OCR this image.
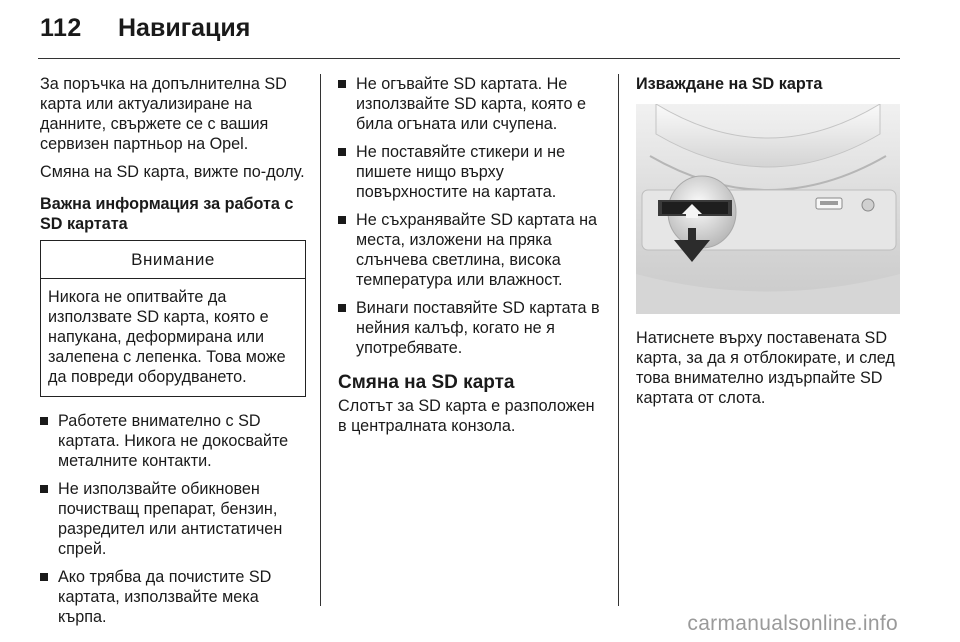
112 Навигация

За поръчка на допълнителна SD карта или актуализиране на данните, свържете се с вашия сервизен партньор на Opel.

Смяна на SD карта, вижте по-долу.

Важна информация за работа с SD картата
Внимание
Никога не опитвайте да използвате SD карта, която е напукана, деформирана или залепена с лепенка. Това може да повреди оборудването.
Работете внимателно с SD картата. Никога не докосвайте металните контакти.
Не използвайте обикновен почистващ препарат, бензин, разредител или антистатичен спрей.
Ако трябва да почистите SD картата, използвайте мека кърпа.
Не огъвайте SD картата. Не използвайте SD карта, която е била огъната или счупена.
Не поставяйте стикери и не пишете нищо върху повърхностите на картата.
Не съхранявайте SD картата на места, изложени на пряка слънчева светлина, висока температура или влажност.
Винаги поставяйте SD картата в нейния калъф, когато не я употребявате.
Смяна на SD карта

Слотът за SD карта е разположен в централната конзола.

Изваждане на SD карта

Натиснете върху поставената SD карта, за да я отблокирате, и след това внимателно издърпайте SD картата от слота.

carmanualsonline.info
